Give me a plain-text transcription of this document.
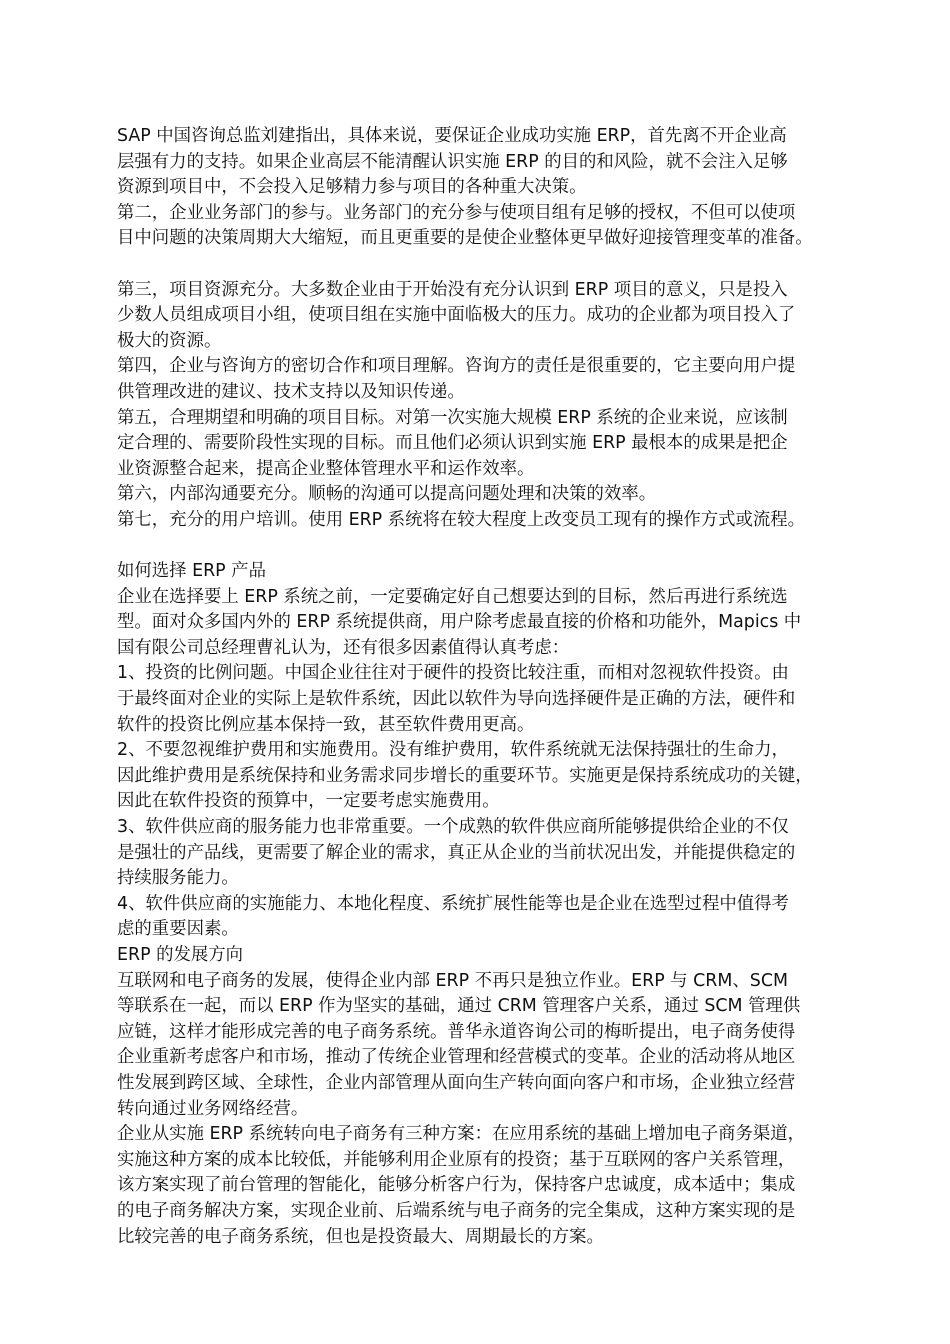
SAP 中国咨询总监刘建指出，具体来说，要保证企业成功实施 ERP，首先离不开企业高
层强有力的支持。如果企业高层不能清醒认识实施 ERP 的目的和风险，就不会注入足够
资源到项目中，不会投入足够精力参与项目的各种重大决策。
第二，企业业务部门的参与。业务部门的充分参与使项目组有足够的授权，不但可以使项
目中问题的决策周期大大缩短，而且更重要的是使企业整体更早做好迎接管理变革的准备。
第三，项目资源充分。大多数企业由于开始没有充分认识到 ERP 项目的意义，只是投入
少数人员组成项目小组，使项目组在实施中面临极大的压力。成功的企业都为项目投入了
极大的资源。
第四，企业与咨询方的密切合作和项目理解。咨询方的责任是很重要的，它主要向用户提
供管理改进的建议、技术支持以及知识传递。
第五，合理期望和明确的项目目标。对第一次实施大规模 ERP 系统的企业来说，应该制
定合理的、需要阶段性实现的目标。而且他们必须认识到实施 ERP 最根本的成果是把企
业资源整合起来，提高企业整体管理水平和运作效率。
第六，内部沟通要充分。顺畅的沟通可以提高问题处理和决策的效率。
第七，充分的用户培训。使用 ERP 系统将在较大程度上改变员工现有的操作方式或流程。
如何选择 ERP 产品
企业在选择要上 ERP 系统之前，一定要确定好自己想要达到的目标，然后再进行系统选
型。面对众多国内外的 ERP 系统提供商，用户除考虑最直接的价格和功能外，Mapics 中
国有限公司总经理曹礼认为，还有很多因素值得认真考虑：
1、投资的比例问题。中国企业往往对于硬件的投资比较注重，而相对忽视软件投资。由
于最终面对企业的实际上是软件系统，因此以软件为导向选择硬件是正确的方法，硬件和
软件的投资比例应基本保持一致，甚至软件费用更高。
2、不要忽视维护费用和实施费用。没有维护费用，软件系统就无法保持强壮的生命力，
因此维护费用是系统保持和业务需求同步增长的重要环节。实施更是保持系统成功的关键，
因此在软件投资的预算中，一定要考虑实施费用。
3、软件供应商的服务能力也非常重要。一个成熟的软件供应商所能够提供给企业的不仅
是强壮的产品线，更需要了解企业的需求，真正从企业的当前状况出发，并能提供稳定的
持续服务能力。
4、软件供应商的实施能力、本地化程度、系统扩展性能等也是企业在选型过程中值得考
虑的重要因素。
ERP 的发展方向
互联网和电子商务的发展，使得企业内部 ERP 不再只是独立作业。ERP 与 CRM、SCM
等联系在一起，而以 ERP 作为坚实的基础，通过 CRM 管理客户关系，通过 SCM 管理供
应链，这样才能形成完善的电子商务系统。普华永道咨询公司的梅昕提出，电子商务使得
企业重新考虑客户和市场，推动了传统企业管理和经营模式的变革。企业的活动将从地区
性发展到跨区域、全球性，企业内部管理从面向生产转向面向客户和市场，企业独立经营
转向通过业务网络经营。
企业从实施 ERP 系统转向电子商务有三种方案：在应用系统的基础上增加电子商务渠道，
实施这种方案的成本比较低，并能够利用企业原有的投资；基于互联网的客户关系管理，
该方案实现了前台管理的智能化，能够分析客户行为，保持客户忠诚度，成本适中；集成
的电子商务解决方案，实现企业前、后端系统与电子商务的完全集成，这种方案实现的是
比较完善的电子商务系统，但也是投资最大、周期最长的方案。
